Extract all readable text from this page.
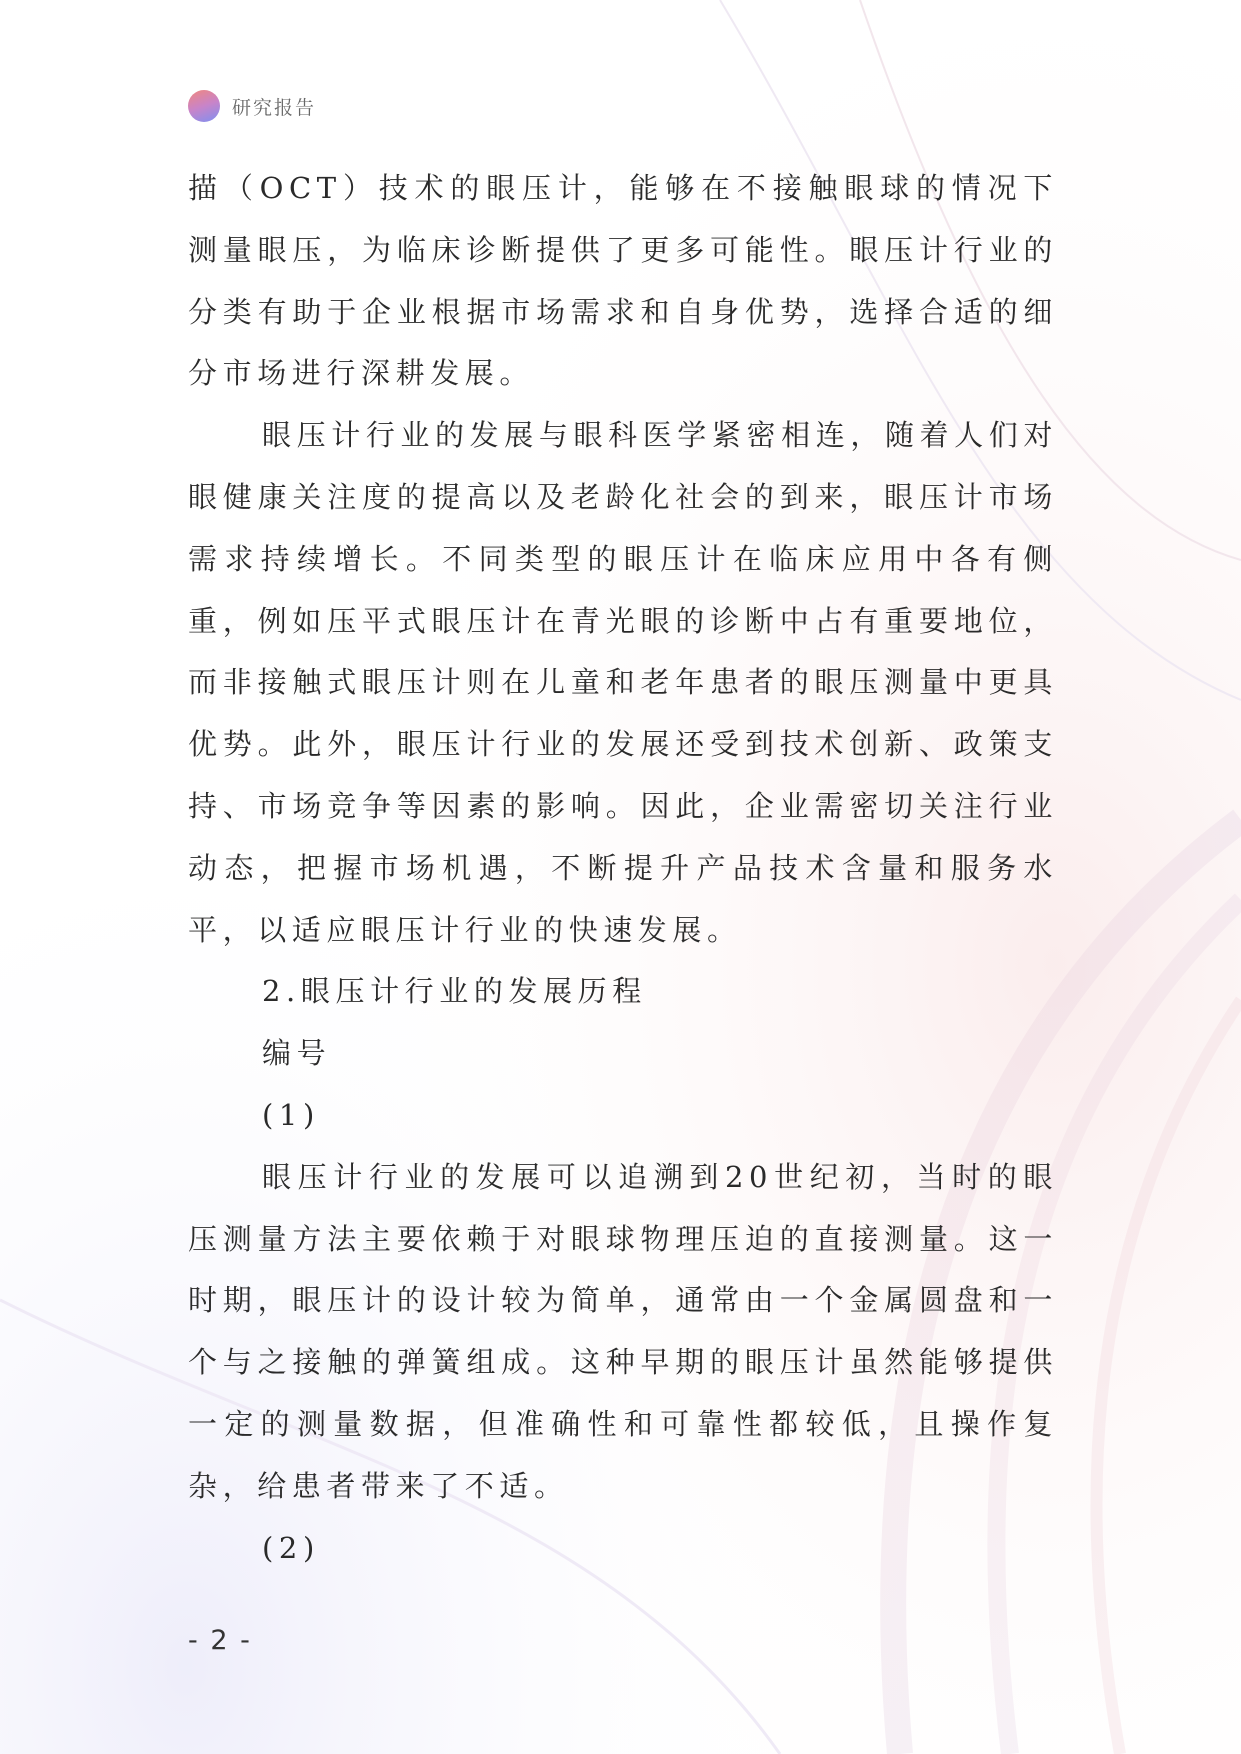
研究报告

描（OCT）技术的眼压计，能够在不接触眼球的情况下测量眼压，为临床诊断提供了更多可能性。眼压计行业的分类有助于企业根据市场需求和自身优势，选择合适的细分市场进行深耕发展。

眼压计行业的发展与眼科医学紧密相连，随着人们对眼健康关注度的提高以及老龄化社会的到来，眼压计市场需求持续增长。不同类型的眼压计在临床应用中各有侧重，例如压平式眼压计在青光眼的诊断中占有重要地位，而非接触式眼压计则在儿童和老年患者的眼压测量中更具优势。此外，眼压计行业的发展还受到技术创新、政策支持、市场竞争等因素的影响。因此，企业需密切关注行业动态，把握市场机遇，不断提升产品技术含量和服务水平，以适应眼压计行业的快速发展。

2.眼压计行业的发展历程

编号

(1)

眼压计行业的发展可以追溯到20世纪初，当时的眼压测量方法主要依赖于对眼球物理压迫的直接测量。这一时期，眼压计的设计较为简单，通常由一个金属圆盘和一个与之接触的弹簧组成。这种早期的眼压计虽然能够提供一定的测量数据，但准确性和可靠性都较低，且操作复杂，给患者带来了不适。

(2)

- 2 -
